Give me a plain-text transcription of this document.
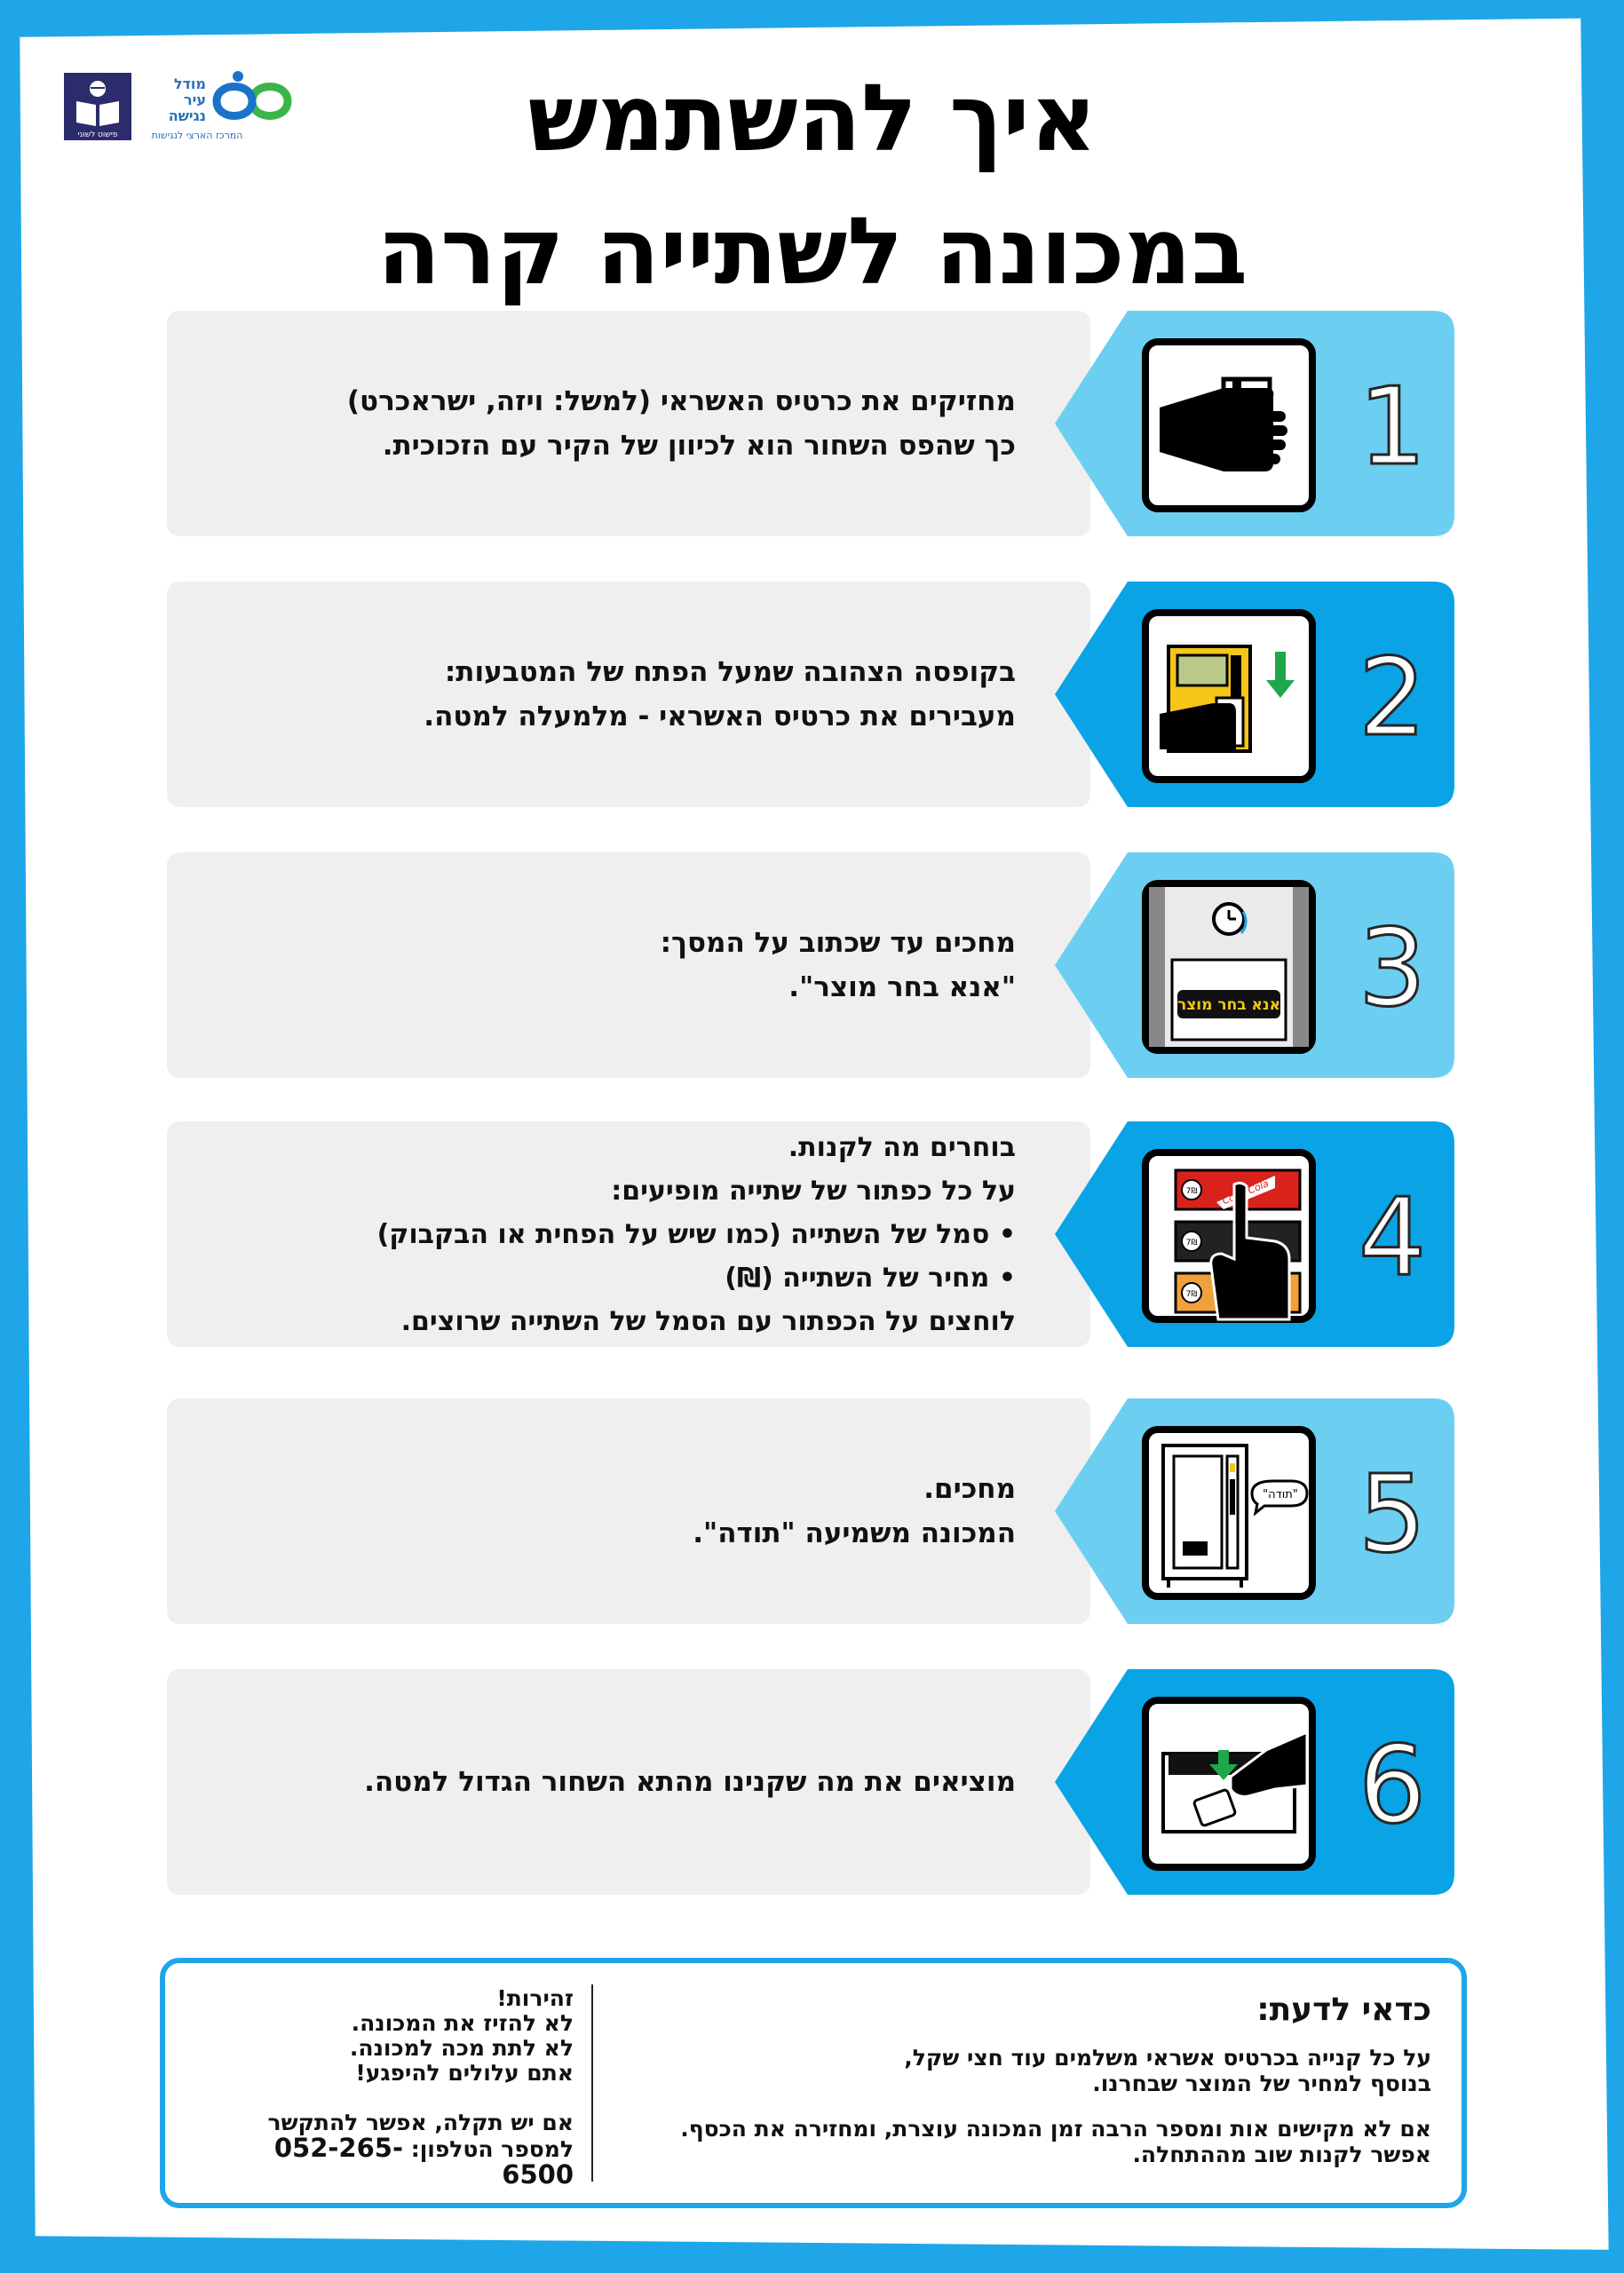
פישוט לשוני
מודל
עיר
נגישה
המרכז הארצי לנגישות	איך להשתמש
במכונה לשתייה קרה
מחזיקים את כרטיס האשראי (למשל: ויזה, ישראכרט)
כך שהפס השחור הוא לכיוון של הקיר עם הזכוכית.	1
בקופסה הצהובה שמעל הפתח של המטבעות:
מעבירים את כרטיס האשראי - מלמעלה למטה.	2
מחכים עד שכתוב על המסך:
"אנא בחר מוצר".	3
אנא בחר מוצר
בוחרים מה לקנות.
על כל כפתור של שתייה מופיעים:
• סמל של השתייה (כמו שיש על הפחית או הבקבוק)
• מחיר של השתייה (₪)
לוחצים על הכפתור עם הסמל של השתייה שרוצים.
4
7₪
7₪
7₪
מחכים.
המכונה משמיעה "תודה".	5
"תודה"
מוציאים את מה שקנינו מהתא השחור הגדול למטה.	6
כדאי לדעת:

על כל קנייה בכרטיס אשראי משלמים עוד חצי שקל,
בנוסף למחיר של המוצר שבחרנו.

אם לא מקישים אות ומספר הרבה זמן המכונה עוצרת, ומחזירה את הכסף.
אפשר לקנות שוב מההתחלה.

זהירות!
לא להזיז את המכונה.
לא לתת מכה למכונה.
אתם עלולים להיפגע!

אם יש תקלה, אפשר להתקשר
למספר הטלפון: 052-265-6500
